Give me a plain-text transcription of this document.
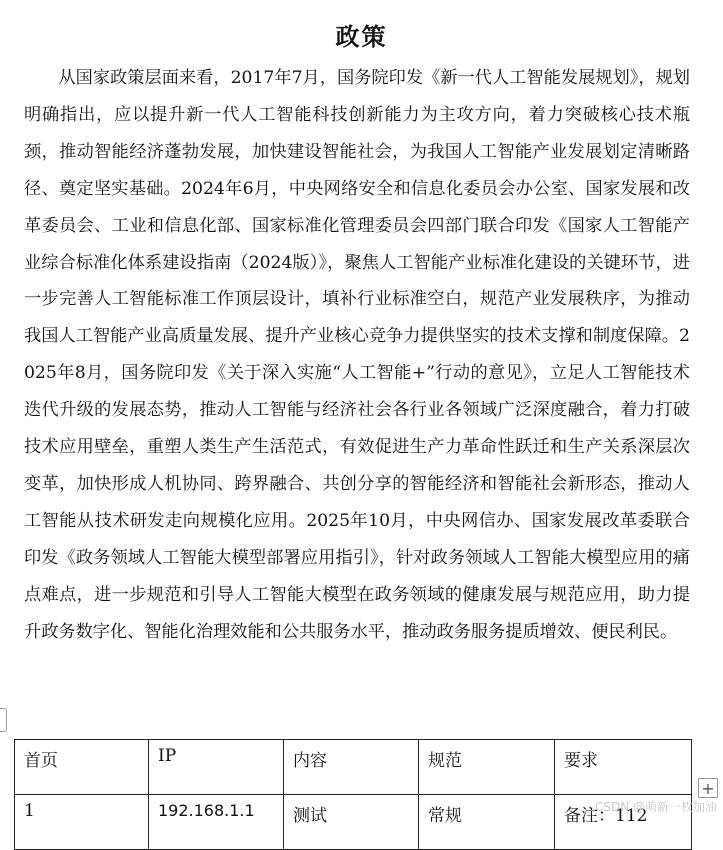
政策

从国家政策层面来看，2017年7月，国务院印发《新一代人工智能发展规划》，规划明确指出，应以提升新一代人工智能科技创新能力为主攻方向，着力突破核心技术瓶颈，推动智能经济蓬勃发展，加快建设智能社会，为我国人工智能产业发展划定清晰路径、奠定坚实基础。2024年6月，中央网络安全和信息化委员会办公室、国家发展和改革委员会、工业和信息化部、国家标准化管理委员会四部门联合印发《国家人工智能产业综合标准化体系建设指南（2024版）》，聚焦人工智能产业标准化建设的关键环节，进一步完善人工智能标准工作顶层设计，填补行业标准空白，规范产业发展秩序，为推动我国人工智能产业高质量发展、提升产业核心竞争力提供坚实的技术支撑和制度保障。2025年8月，国务院印发《关于深入实施“人工智能+”行动的意见》，立足人工智能技术迭代升级的发展态势，推动人工智能与经济社会各行业各领域广泛深度融合，着力打破技术应用壁垒，重塑人类生产生活范式，有效促进生产力革命性跃迁和生产关系深层次变革，加快形成人机协同、跨界融合、共创分享的智能经济和智能社会新形态，推动人工智能从技术研发走向规模化应用。2025年10月，中央网信办、国家发展改革委联合印发《政务领域人工智能大模型部署应用指引》，针对政务领域人工智能大模型应用的痛点难点，进一步规范和引导人工智能大模型在政务领域的健康发展与规范应用，助力提升政务数字化、智能化治理效能和公共服务水平，推动政务服务提质增效、便民利民。

首页	IP	内容	规范	要求
1	192.168.1.1	测试	常规	备注：112
+
CSDN @萌新一枚加油
